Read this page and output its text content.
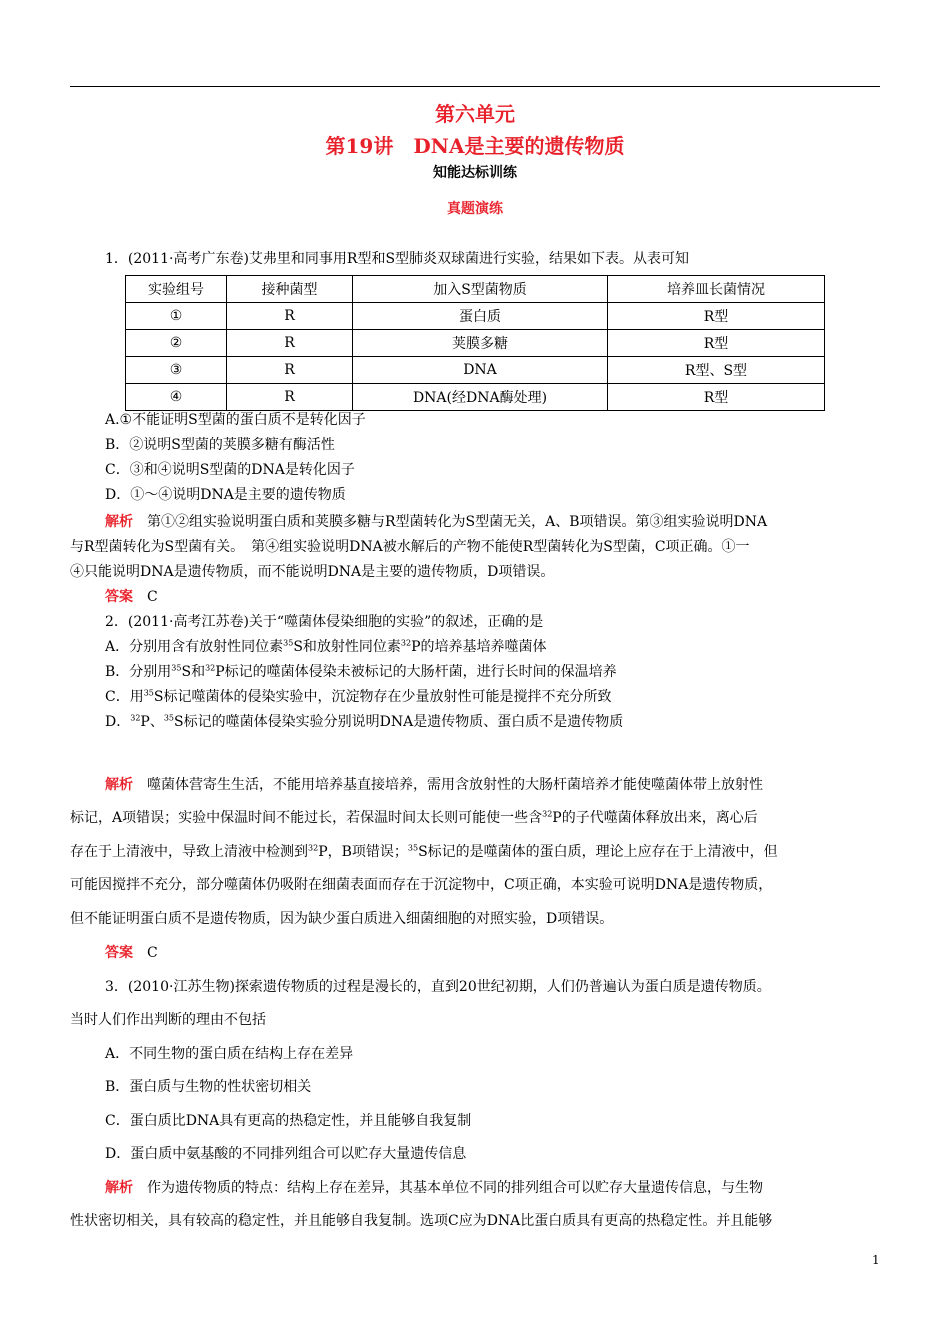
第六单元
第19讲　DNA是主要的遗传物质
知能达标训练
真题演练
1．(2011·高考广东卷)艾弗里和同事用R型和S型肺炎双球菌进行实验，结果如下表。从表可知
实验组号	接种菌型	加入S型菌物质	培养皿长菌情况
①	R	蛋白质	R型
②	R	荚膜多糖	R型
③	R	DNA	R型、S型
④	R	DNA(经DNA酶处理)	R型
A.①不能证明S型菌的蛋白质不是转化因子
B．②说明S型菌的荚膜多糖有酶活性
C．③和④说明S型菌的DNA是转化因子
D．①～④说明DNA是主要的遗传物质
解析　第①②组实验说明蛋白质和荚膜多糖与R型菌转化为S型菌无关，A、B项错误。第③组实验说明DNA
与R型菌转化为S型菌有关。　第④组实验说明DNA被水解后的产物不能使R型菌转化为S型菌，C项正确。①一
④只能说明DNA是遗传物质，而不能说明DNA是主要的遗传物质，D项错误。
答案　 C
2．(2011·高考江苏卷)关于“噬菌体侵染细胞的实验”的叙述，正确的是
A．分别用含有放射性同位素$^{35}$S和放射性同位素$^{32}$P的培养基培养噬菌体
B．分别用$^{35}$S和$^{32}$P标记的噬菌体侵染未被标记的大肠杆菌，进行长时间的保温培养
C．用$^{35}$S标记噬菌体的侵染实验中，沉淀物存在少量放射性可能是搅拌不充分所致
D．$^{32}$P、$^{35}$S标记的噬菌体侵染实验分别说明DNA是遗传物质、蛋白质不是遗传物质
解析　噬菌体营寄生生活，不能用培养基直接培养，需用含放射性的大肠杆菌培养才能使噬菌体带上放射性
标记，A项错误；实验中保温时间不能过长，若保温时间太长则可能使一些含$^{32}$P的子代噬菌体释放出来，离心后
存在于上清液中，导致上清液中检测到$^{32}$P，B项错误；$^{35}$S标记的是噬菌体的蛋白质，理论上应存在于上清液中，但
可能因搅拌不充分，部分噬菌体仍吸附在细菌表面而存在于沉淀物中，C项正确，本实验可说明DNA是遗传物质，
但不能证明蛋白质不是遗传物质，因为缺少蛋白质进入细菌细胞的对照实验，D项错误。
答案　 C
3．(2010·江苏生物)探索遗传物质的过程是漫长的，直到20世纪初期，人们仍普遍认为蛋白质是遗传物质。
当时人们作出判断的理由不包括
A．不同生物的蛋白质在结构上存在差异
B．蛋白质与生物的性状密切相关
C．蛋白质比DNA具有更高的热稳定性，并且能够自我复制
D．蛋白质中氨基酸的不同排列组合可以贮存大量遗传信息
解析　作为遗传物质的特点：结构上存在差异，其基本单位不同的排列组合可以贮存大量遗传信息，与生物
性状密切相关，具有较高的稳定性，并且能够自我复制。选项C应为DNA比蛋白质具有更高的热稳定性。并且能够
1
